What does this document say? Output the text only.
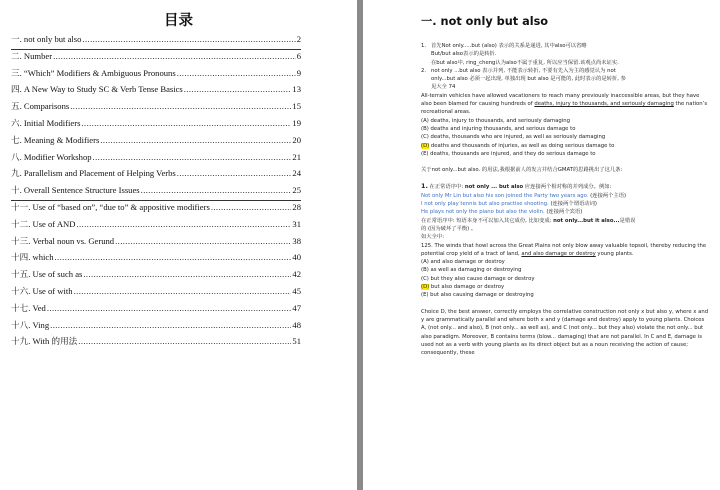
目录
一. not only but also .....	2
二. Number .....	6
三. “Which” Modifiers & Ambiguous Pronouns .....	9
四. A New Way to Study SC & Verb Tense Basics .....	13
五. Comparisons .....	15
六. Initial Modifiers .....	19
七. Meaning & Modifiers .....	20
八. Modifier Workshop .....	21
九. Parallelism and Placement of Helping Verbs .....	24
十. Overall Sentence Structure Issues .....	25
十一. Use of “based on”, “due to” & appositive modifiers .....	28
十二. Use of AND .....	31
十三. Verbal noun vs. Gerund .....	38
十四. which .....	40
十五. Use of such as .....	42
十六. Use of with .....	45
十七. Ved .....	47
十八. Ving .....	48
十九. With 的用法 .....	51
一. not only but also
1. 首先Not only.....but (also) 表示的关系是递进, 其中also可以省略

But/but also表示的是转折.

在but also中, ring_cheng认为also不属于重复, 所以应当保留.该观点尚未证实.

2. not only ...but also 表示并列, 不能表示转折, 不要有先入为主的感觉认为 not

only...but also 必须一起出现, 单独出现 but also 是可能的, 此时表示的是转折, 参

见大全 74

All-terrain vehicles have allowed vacationers to reach many previously inaccessible areas, but they have also been blamed for causing hundreds of deaths, injury to thousands, and seriously damaging the nation’s recreational areas.

(A) deaths, injury to thousands, and seriously damaging

(B) deaths and injuring thousands, and serious damage to

(C) deaths, thousands who are injured, as well as seriously damaging

(D) deaths and thousands of injuries, as well as doing serious damage to

(E) deaths, thousands are injured, and they do serious damage to

关于not only...but also. 的用法,我根据前人的发言并结合GMAT的思路挑出了这几条:

1. 在正常语序中: not only ... but also 应连接两个相对称的并列成分。例如:

Not only Mr Lin but also his son joined the Party two years ago. (连接两个主语)

I not only play tennis but also practise shooting. (连接两个谓语动词)

He plays not only the piano but also the violin. (连接两个宾语)

在正常语序中: 短语本身不可以加入其它成份, 比如变成: not only...but it also...是错误

的 (因为破坏了平衡) 。

如大全中:

125. The winds that howl across the Great Plains not only blow away valuable topsoil, thereby reducing the potential crop yield of a tract of land, and also damage or destroy young plants.

(A) and also damage or destroy

(B) as well as damaging or destroying

(C) but they also cause damage or destroy

(D) but also damage or destroy

(E) but also causing damage or destroying

Choice D, the best answer, correctly employs the correlative construction not only x but also y, where x and y are grammatically parallel and where both x and y (damage and destroy) apply to young plants. Choices A, (not only... and also), B (not only... as well as), and C (not only... but they also) violate the not only... but also paradigm. Moreover, B contains terms (blow... damaging) that are not parallel. In C and E, damage is used not as a verb with young plants as its direct object but as a noun receiving the action of cause; consequently, these
